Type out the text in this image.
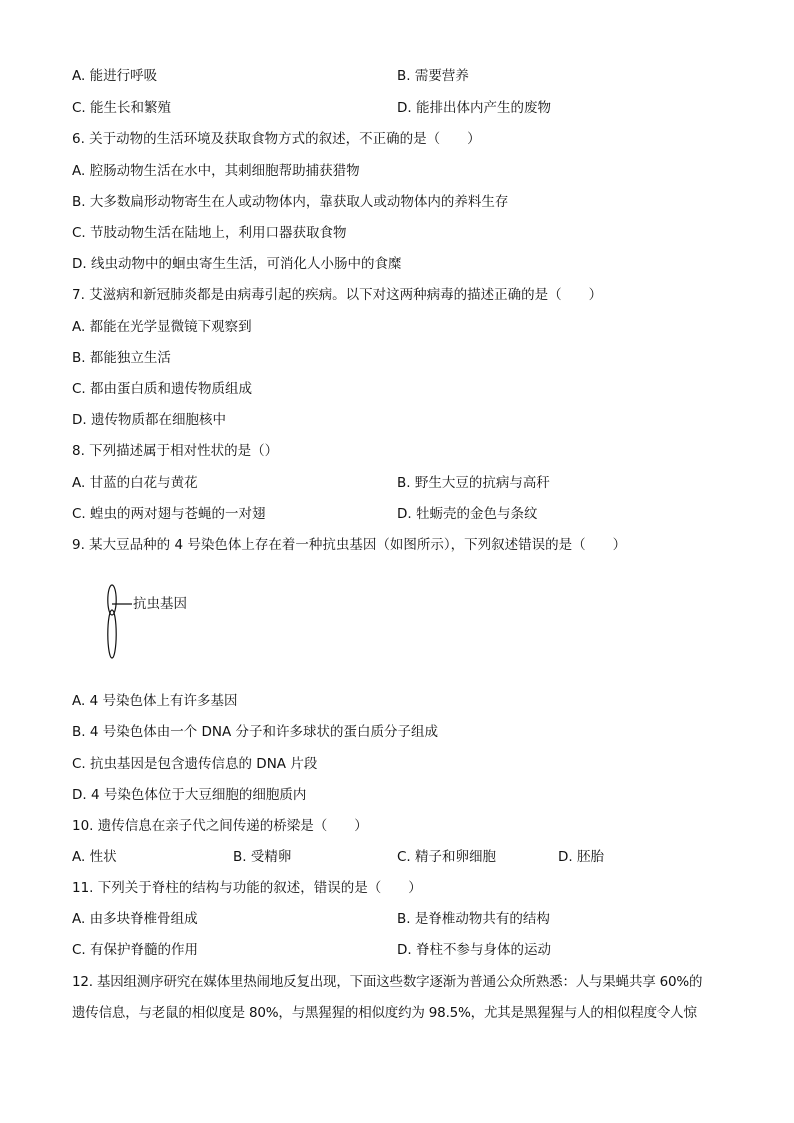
A. 能进行呼吸	B. 需要营养
C. 能生长和繁殖	D. 能排出体内产生的废物
6. 关于动物的生活环境及获取食物方式的叙述，不正确的是（　　）
A. 腔肠动物生活在水中，其刺细胞帮助捕获猎物
B. 大多数扁形动物寄生在人或动物体内，靠获取人或动物体内的养料生存
C. 节肢动物生活在陆地上，利用口器获取食物
D. 线虫动物中的蛔虫寄生生活，可消化人小肠中的食糜
7. 艾滋病和新冠肺炎都是由病毒引起的疾病。以下对这两种病毒的描述正确的是（　　）
A. 都能在光学显微镜下观察到
B. 都能独立生活
C. 都由蛋白质和遗传物质组成
D. 遗传物质都在细胞核中
8. 下列描述属于相对性状的是（）
A. 甘蓝的白花与黄花	B. 野生大豆的抗病与高秆
C. 蝗虫的两对翅与苍蝇的一对翅	D. 牡蛎壳的金色与条纹
9. 某大豆品种的 4 号染色体上存在着一种抗虫基因（如图所示），下列叙述错误的是（　　）
抗虫基因
A. 4 号染色体上有许多基因
B. 4 号染色体由一个 DNA 分子和许多球状的蛋白质分子组成
C. 抗虫基因是包含遗传信息的 DNA 片段
D. 4 号染色体位于大豆细胞的细胞质内
10. 遗传信息在亲子代之间传递的桥梁是（　　）
A. 性状	B. 受精卵	C. 精子和卵细胞	D. 胚胎
11. 下列关于脊柱的结构与功能的叙述，错误的是（　　）
A. 由多块脊椎骨组成	B. 是脊椎动物共有的结构
C. 有保护脊髓的作用	D. 脊柱不参与身体的运动
12. 基因组测序研究在媒体里热闹地反复出现，下面这些数字逐渐为普通公众所熟悉：人与果蝇共享 60%的
遗传信息，与老鼠的相似度是 80%，与黑猩猩的相似度约为 98.5%，尤其是黑猩猩与人的相似程度令人惊
